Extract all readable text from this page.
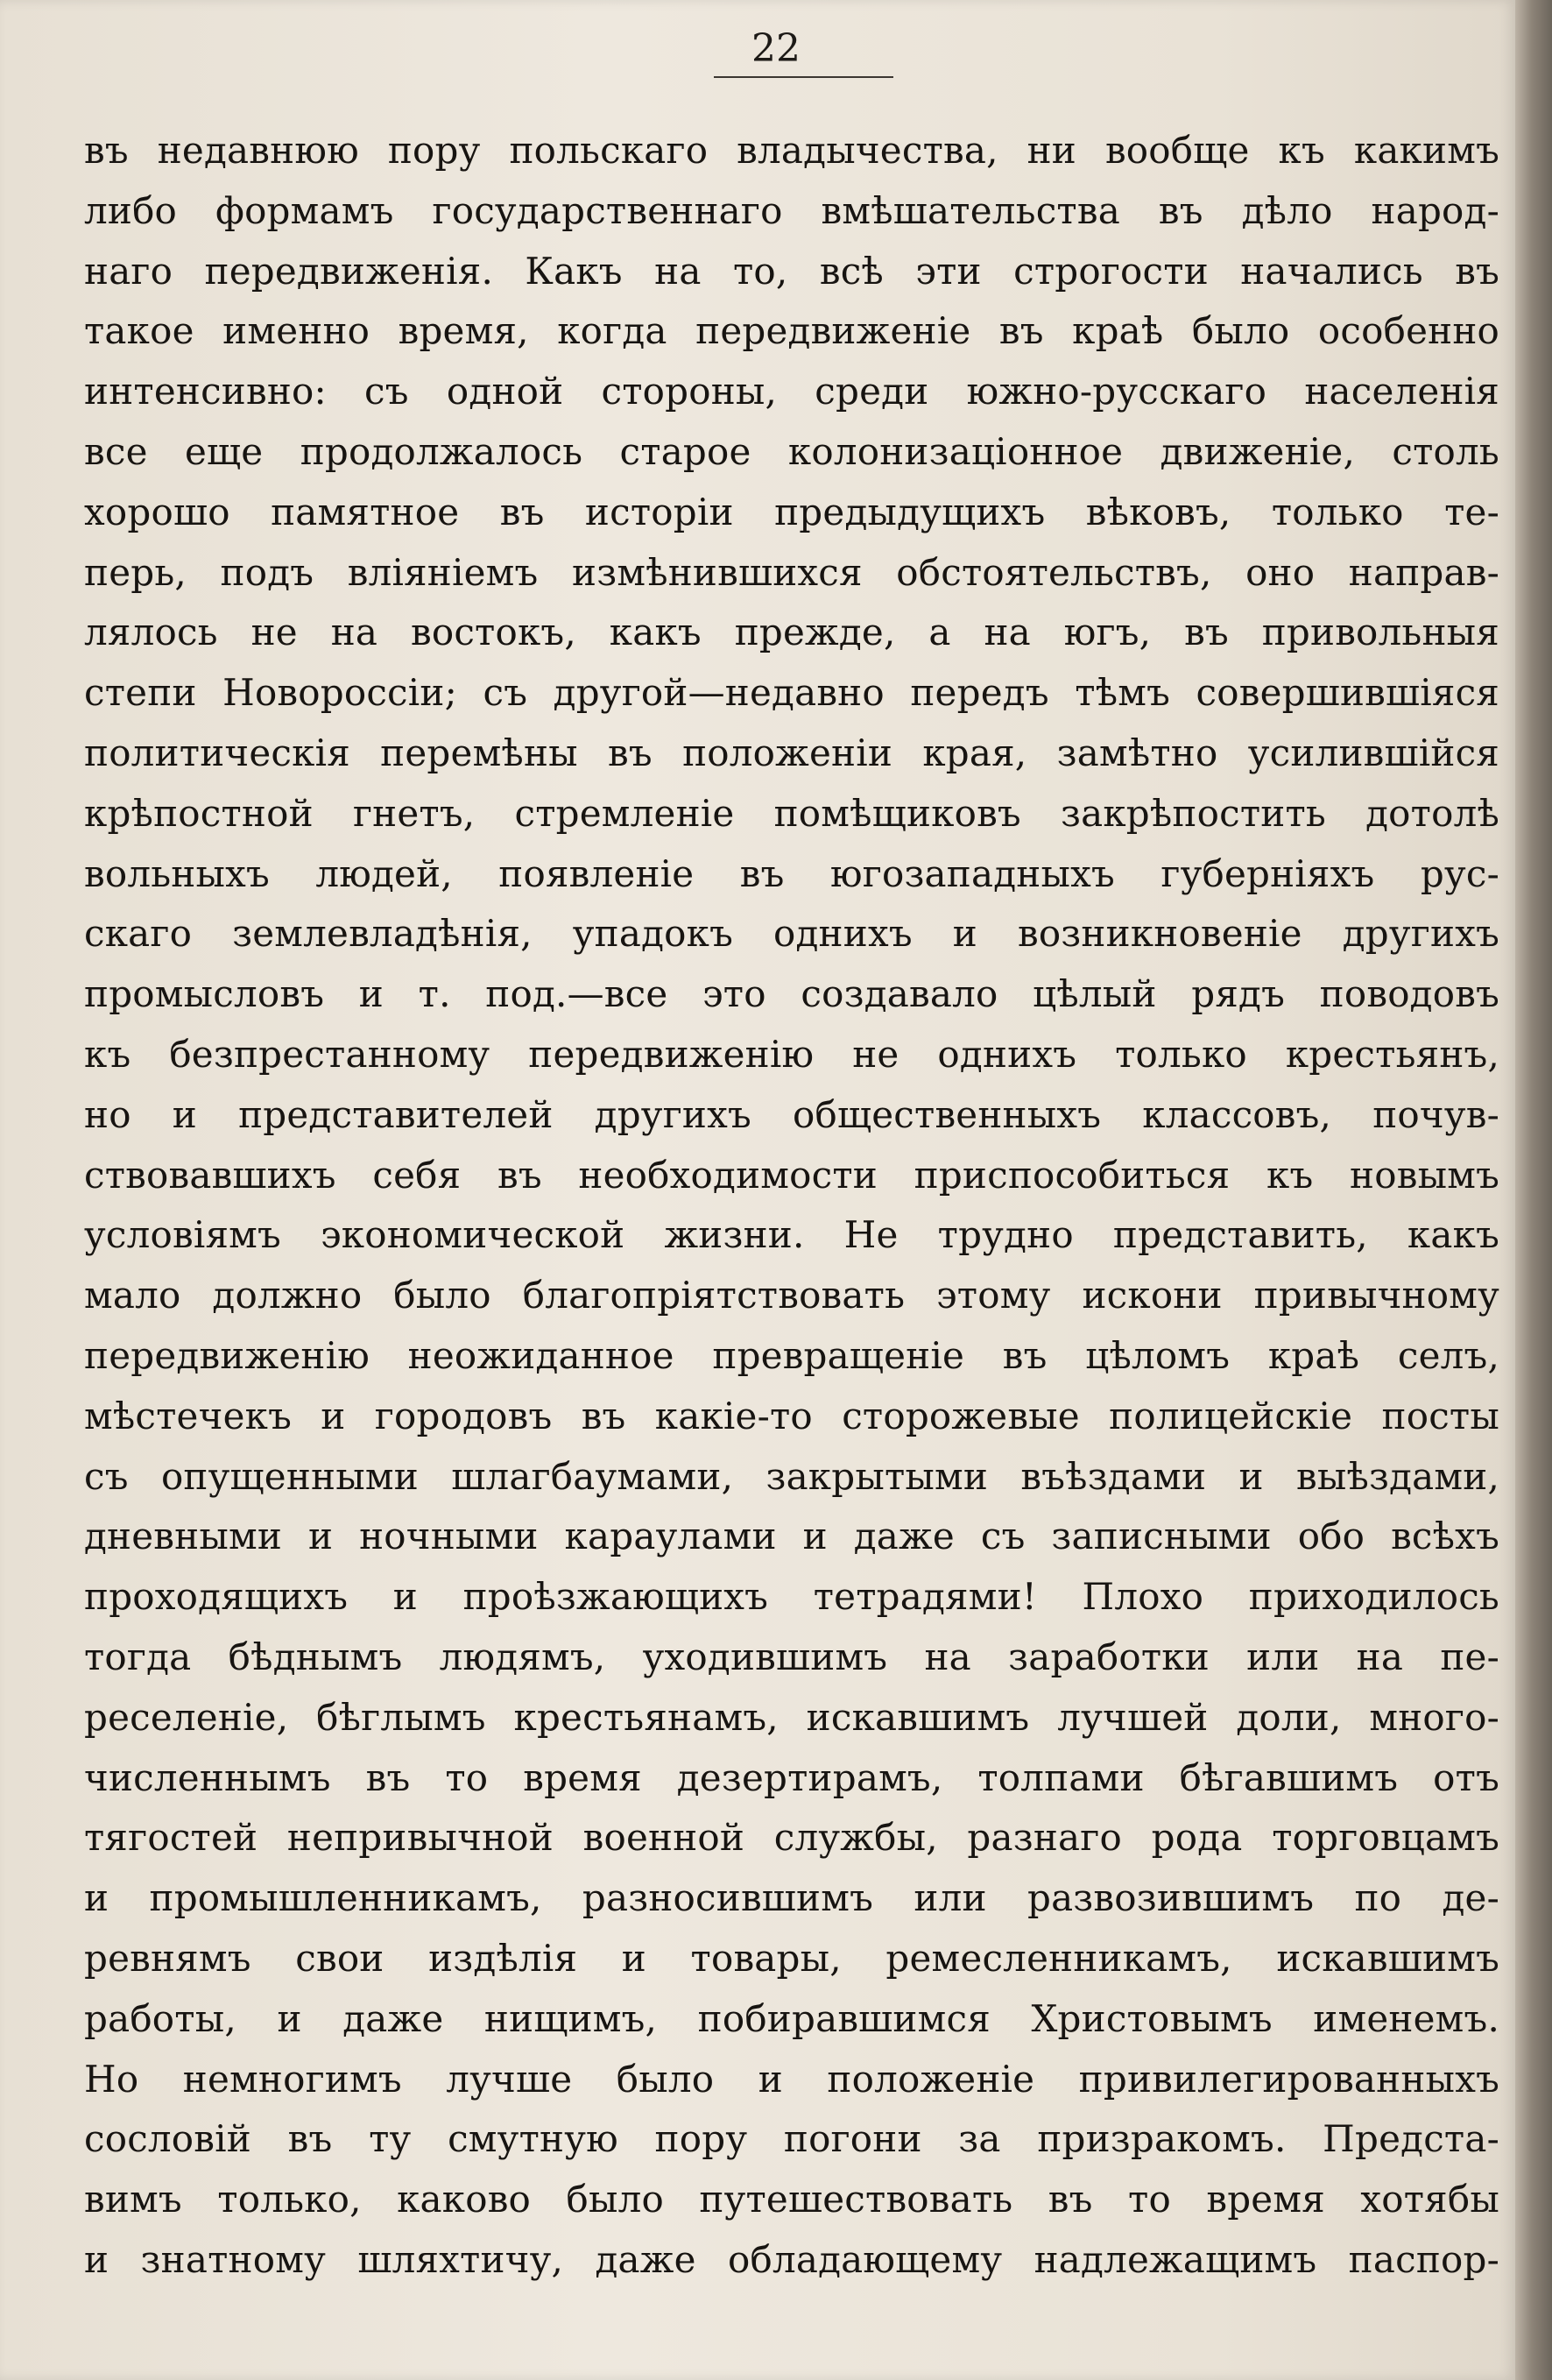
22
въ недавнюю пору польскаго владычества, ни вообще къ какимъ
либо формамъ государственнаго вмѣшательства въ дѣло народ-
наго передвиженія. Какъ на то, всѣ эти строгости начались въ
такое именно время, когда передвиженіе въ краѣ было особенно
интенсивно: съ одной стороны, среди южно-русскаго населенія
все еще продолжалось старое колонизаціонное движеніе, столь
хорошо памятное въ исторіи предыдущихъ вѣковъ, только те-
перь, подъ вліяніемъ измѣнившихся обстоятельствъ, оно направ-
лялось не на востокъ, какъ прежде, а на югъ, въ привольныя
степи Новороссіи; съ другой—недавно передъ тѣмъ совершившіяся
политическія перемѣны въ положеніи края, замѣтно усилившійся
крѣпостной гнетъ, стремленіе помѣщиковъ закрѣпостить дотолѣ
вольныхъ людей, появленіе въ югозападныхъ губерніяхъ рус-
скаго землевладѣнія, упадокъ однихъ и возникновеніе другихъ
промысловъ и т. под.—все это создавало цѣлый рядъ поводовъ
къ безпрестанному передвиженію не однихъ только крестьянъ,
но и представителей другихъ общественныхъ классовъ, почув-
ствовавшихъ себя въ необходимости приспособиться къ новымъ
условіямъ экономической жизни. Не трудно представить, какъ
мало должно было благопріятствовать этому искони привычному
передвиженію неожиданное превращеніе въ цѣломъ краѣ селъ,
мѣстечекъ и городовъ въ какіе-то сторожевые полицейскіе посты
съ опущенными шлагбаумами, закрытыми въѣздами и выѣздами,
дневными и ночными караулами и даже съ записными обо всѣхъ
проходящихъ и проѣзжающихъ тетрадями! Плохо приходилось
тогда бѣднымъ людямъ, уходившимъ на заработки или на пе-
реселеніе, бѣглымъ крестьянамъ, искавшимъ лучшей доли, много-
численнымъ въ то время дезертирамъ, толпами бѣгавшимъ отъ
тягостей непривычной военной службы, разнаго рода торговцамъ
и промышленникамъ, разносившимъ или развозившимъ по де-
ревнямъ свои издѣлія и товары, ремесленникамъ, искавшимъ
работы, и даже нищимъ, побиравшимся Христовымъ именемъ.
Но немногимъ лучше было и положеніе привилегированныхъ
сословій въ ту смутную пору погони за призракомъ. Предста-
вимъ только, каково было путешествовать въ то время хотябы
и знатному шляхтичу, даже обладающему надлежащимъ паспор-
